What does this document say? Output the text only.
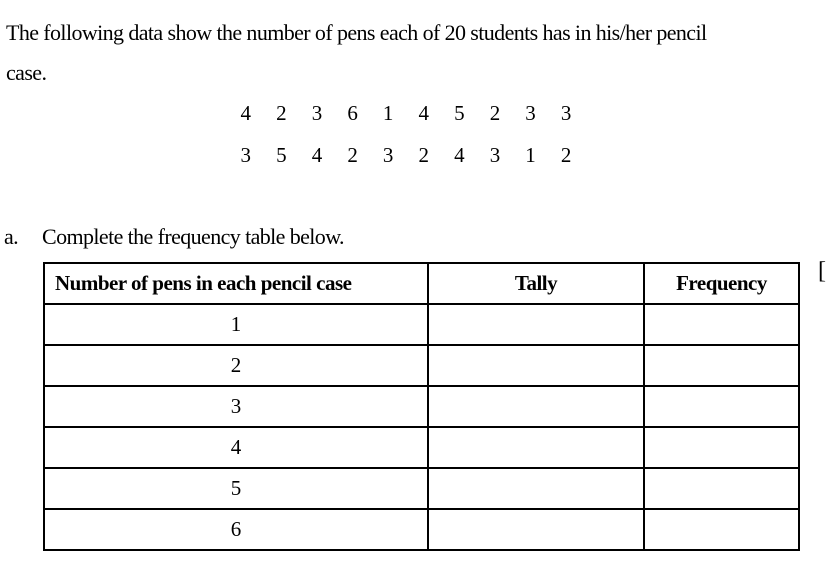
The following data show the number of pens each of 20 students has in his/her pencil
case.
4	2	3	6	1	4	5	2	3	3
3	5	4	2	3	2	4	3	1	2
a. Complete the frequency table below.
[
Number of pens in each pencil case	Tally	Frequency
1		
2		
3		
4		
5		
6		
